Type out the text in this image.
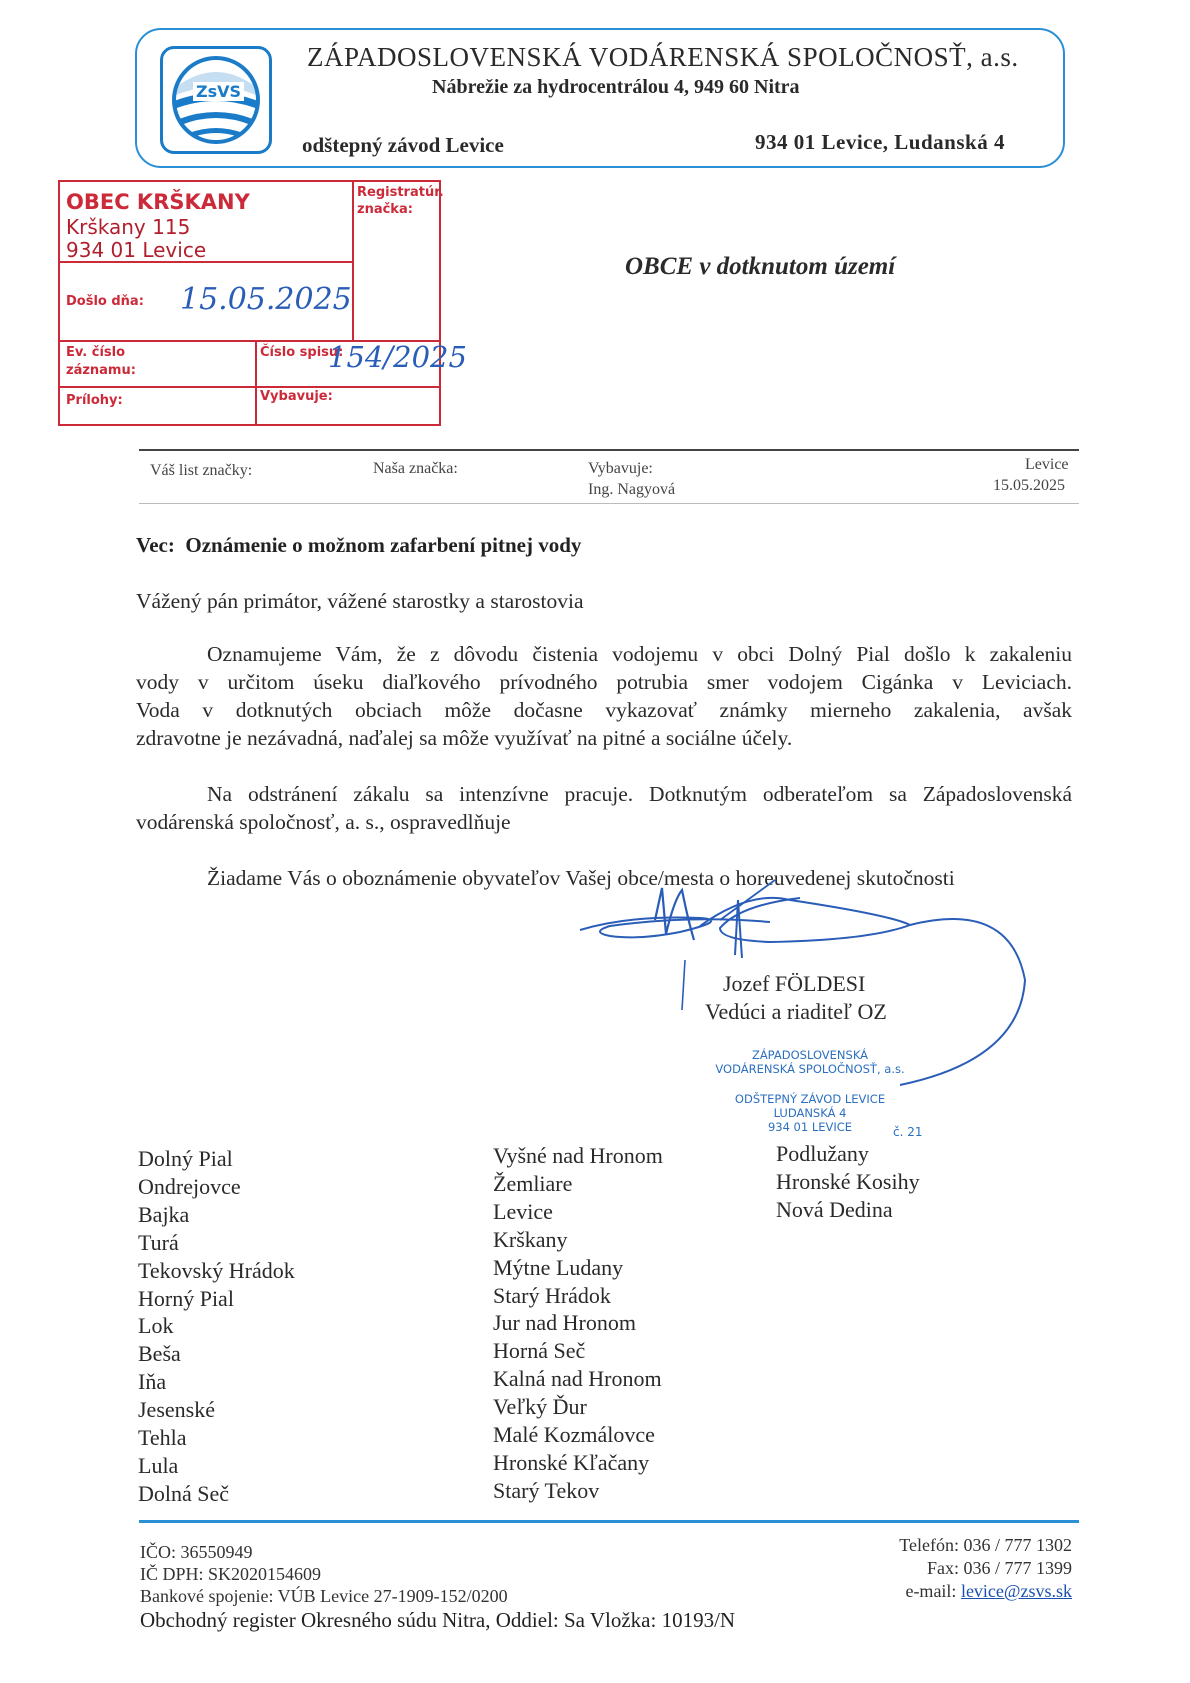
ZsVS
ZÁPADOSLOVENSKÁ VODÁRENSKÁ SPOLOČNOSŤ, a.s.
Nábrežie za hydrocentrálou 4, 949 60 Nitra
odštepný závod Levice	934 01 Levice, Ludanská 4
OBEC KRŠKANY
Krškany 115
934 01 Levice
Registratúr.
značka:
Došlo dňa: 15.05.2025
Ev. číslo
záznamu:
Číslo spisu:
154/2025
Prílohy:	Vybavuje:
OBCE v dotknutom území
Váš list značky:	Naša značka:	Vybavuje:
Ing. Nagyová
Levice
15.05.2025
Vec: Oznámenie o možnom zafarbení pitnej vody
Vážený pán primátor, vážené starostky a starostovia
Oznamujeme Vám, že z dôvodu čistenia vodojemu v obci Dolný Pial došlo k zakaleniu
vody v určitom úseku diaľkového prívodného potrubia smer vodojem Cigánka v Leviciach.
Voda v dotknutých obciach môže dočasne vykazovať známky mierneho zakalenia, avšak
zdravotne je nezávadná, naďalej sa môže využívať na pitné a sociálne účely.
Na odstránení zákalu sa intenzívne pracuje. Dotknutým odberateľom sa Západoslovenská
vodárenská spoločnosť, a. s., ospravedlňuje
Žiadame Vás o oboznámenie obyvateľov Vašej obce/mesta o horeuvedenej skutočnosti
Jozef FÖLDESI
Vedúci a riaditeľ OZ
ZÁPADOSLOVENSKÁ
VODÁRENSKÁ SPOLOČNOSŤ, a.s.
ODŠTEPNÝ ZÁVOD LEVICE
LUDANSKÁ 4
934 01 LEVICE	č. 21
Dolný Pial
Ondrejovce
Bajka
Turá
Tekovský Hrádok
Horný Pial
Lok
Beša
Iňa
Jesenské
Tehla
Lula
Dolná Seč
Vyšné nad Hronom
Žemliare
Levice
Krškany
Mýtne Ludany
Starý Hrádok
Jur nad Hronom
Horná Seč
Kalná nad Hronom
Veľký Ďur
Malé Kozmálovce
Hronské Kľačany
Starý Tekov
Podlužany
Hronské Kosihy
Nová Dedina
IČO: 36550949
IČ DPH: SK2020154609
Bankové spojenie: VÚB Levice 27-1909-152/0200
Obchodný register Okresného súdu Nitra, Oddiel: Sa Vložka: 10193/N
Telefón: 036 / 777 1302
Fax: 036 / 777 1399
e-mail: levice@zsvs.sk
